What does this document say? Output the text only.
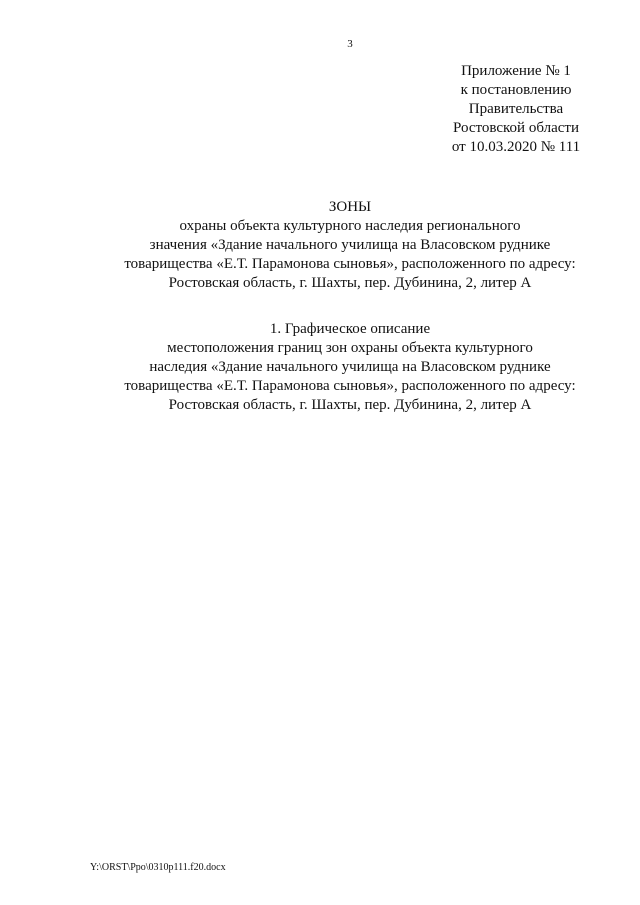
3
Приложение № 1
к постановлению
Правительства
Ростовской области
от 10.03.2020 № 111
ЗОНЫ
охраны объекта культурного наследия регионального
значения «Здание начального училища на Власовском руднике
товарищества «Е.Т. Парамонова сыновья», расположенного по адресу:
Ростовская область, г. Шахты, пер. Дубинина, 2, литер А
1. Графическое описание
местоположения границ зон охраны объекта культурного
наследия «Здание начального училища на Власовском руднике
товарищества «Е.Т. Парамонова сыновья», расположенного по адресу:
Ростовская область, г. Шахты, пер. Дубинина, 2, литер А
Y:\ORST\Ppo\0310p111.f20.docx
